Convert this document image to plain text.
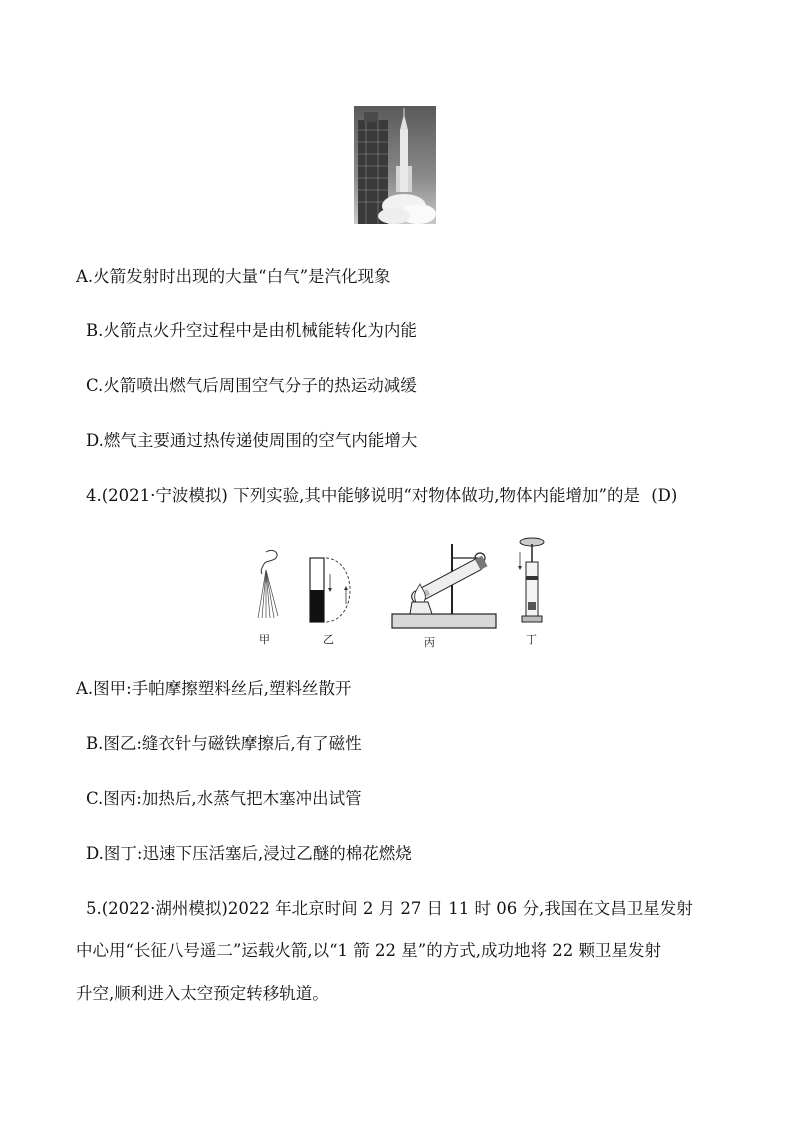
A.火箭发射时出现的大量“白气”是汽化现象
B.火箭点火升空过程中是由机械能转化为内能
C.火箭喷出燃气后周围空气分子的热运动减缓
D.燃气主要通过热传递使周围的空气内能增大
4.(2021·宁波模拟) 下列实验,其中能够说明“对物体做功,物体内能增加”的是 (D)
甲	乙	丙	丁
A.图甲:手帕摩擦塑料丝后,塑料丝散开
B.图乙:缝衣针与磁铁摩擦后,有了磁性
C.图丙:加热后,水蒸气把木塞冲出试管
D.图丁:迅速下压活塞后,浸过乙醚的棉花燃烧
5.(2022·湖州模拟)2022 年北京时间 2 月 27 日 11 时 06 分,我国在文昌卫星发射
中心用“长征八号遥二”运载火箭,以“1 箭 22 星”的方式,成功地将 22 颗卫星发射
升空,顺利进入太空预定转移轨道。
